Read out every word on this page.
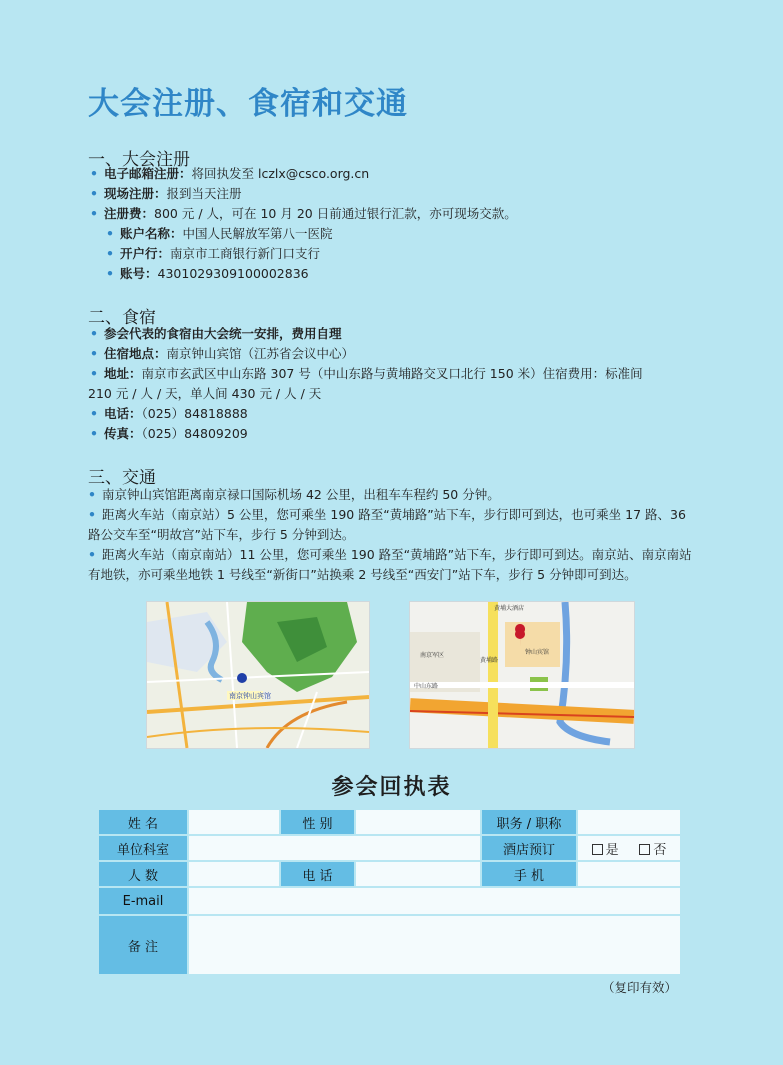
大会注册、食宿和交通
一、大会注册
• 电子邮箱注册：将回执发至 lczlx@csco.org.cn
• 现场注册：报到当天注册
• 注册费：800 元 / 人，可在 10 月 20 日前通过银行汇款，亦可现场交款。
• 账户名称：中国人民解放军第八一医院
• 开户行：南京市工商银行新门口支行
• 账号：4301029309100002836
二、食宿
• 参会代表的食宿由大会统一安排，费用自理
• 住宿地点：南京钟山宾馆（江苏省会议中心）
• 地址：南京市玄武区中山东路 307 号（中山东路与黄埔路交叉口北行 150 米）住宿费用：标准间
210 元 / 人 / 天，单人间 430 元 / 人 / 天
• 电话：（025）84818888
• 传真：（025）84809209
三、交通
• 南京钟山宾馆距离南京禄口国际机场 42 公里，出租车车程约 50 分钟。
• 距离火车站（南京站）5 公里，您可乘坐 190 路至“黄埔路”站下车，步行即可到达，也可乘坐 17 路、36 路公交车至“明故宫”站下车，步行 5 分钟到达。
• 距离火车站（南京南站）11 公里，您可乘坐 190 路至“黄埔路”站下车，步行即可到达。南京站、南京南站有地铁，亦可乘坐地铁 1 号线至“新街口”站换乘 2 号线至“西安门”站下车，步行 5 分钟即可到达。
南京钟山宾馆
黄埔大酒店
钟山宾馆
中山东路
黄埔路
南京军区
参会回执表
姓 名		性 别		职务 / 职称	
单位科室				酒店预订	是 否
人 数		电 话		手 机	
E-mail					
备 注					
（复印有效）
